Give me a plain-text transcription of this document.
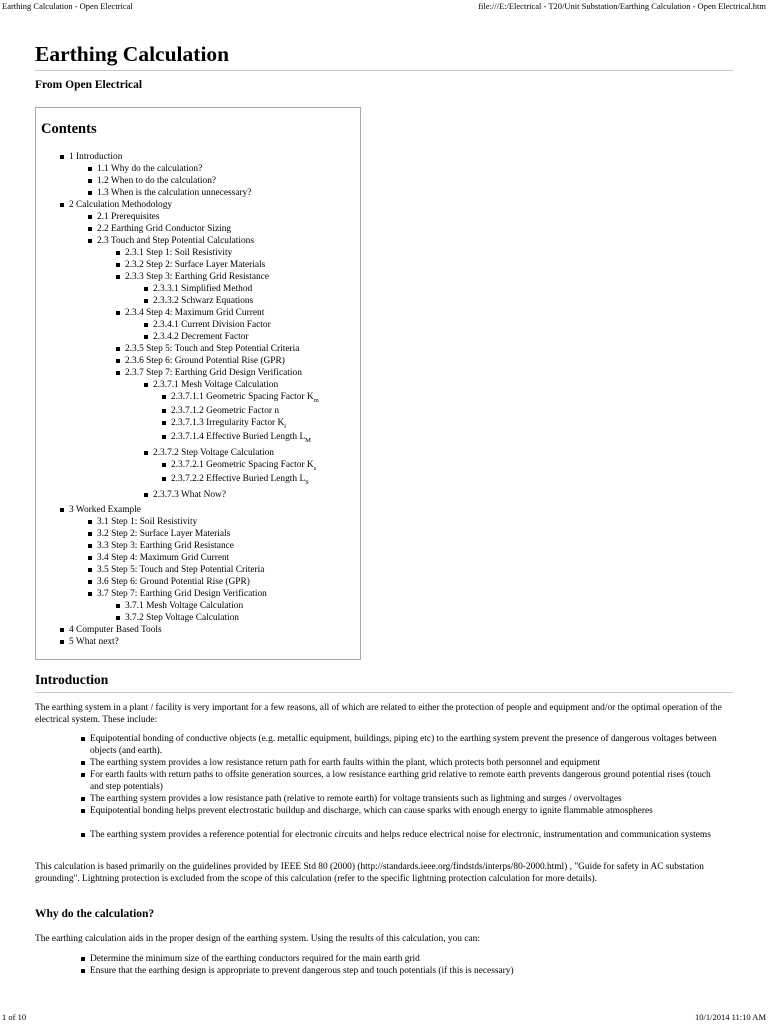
Earthing Calculation - Open Electrical	file:///E:/Electrical - T20/Unit Substation/Earthing Calculation - Open Electrical.htm
Earthing Calculation
From Open Electrical
Contents
1 Introduction
1.1 Why do the calculation?
1.2 When to do the calculation?
1.3 When is the calculation unnecessary?
2 Calculation Methodology
2.1 Prerequisites
2.2 Earthing Grid Conductor Sizing
2.3 Touch and Step Potential Calculations
2.3.1 Step 1: Soil Resistivity
2.3.2 Step 2: Surface Layer Materials
2.3.3 Step 3: Earthing Grid Resistance
2.3.3.1 Simplified Method
2.3.3.2 Schwarz Equations
2.3.4 Step 4: Maximum Grid Current
2.3.4.1 Current Division Factor
2.3.4.2 Decrement Factor
2.3.5 Step 5: Touch and Step Potential Criteria
2.3.6 Step 6: Ground Potential Rise (GPR)
2.3.7 Step 7: Earthing Grid Design Verification
2.3.7.1 Mesh Voltage Calculation
2.3.7.1.1 Geometric Spacing Factor $K_m$
2.3.7.1.2 Geometric Factor n
2.3.7.1.3 Irregularity Factor $K_i$
2.3.7.1.4 Effective Buried Length $L_M$
2.3.7.2 Step Voltage Calculation
2.3.7.2.1 Geometric Spacing Factor $K_s$
2.3.7.2.2 Effective Buried Length $L_S$
2.3.7.3 What Now?
3 Worked Example
3.1 Step 1: Soil Resistivity
3.2 Step 2: Surface Layer Materials
3.3 Step 3: Earthing Grid Resistance
3.4 Step 4: Maximum Grid Current
3.5 Step 5: Touch and Step Potential Criteria
3.6 Step 6: Ground Potential Rise (GPR)
3.7 Step 7: Earthing Grid Design Verification
3.7.1 Mesh Voltage Calculation
3.7.2 Step Voltage Calculation
4 Computer Based Tools
5 What next?
Introduction

The earthing system in a plant / facility is very important for a few reasons, all of which are related to either the protection of people and equipment and/or the optimal operation of the electrical system. These include:

Equipotential bonding of conductive objects (e.g. metallic equipment, buildings, piping etc) to the earthing system prevent the presence of dangerous voltages between objects (and earth).
The earthing system provides a low resistance return path for earth faults within the plant, which protects both personnel and equipment
For earth faults with return paths to offsite generation sources, a low resistance earthing grid relative to remote earth prevents dangerous ground potential rises (touch and step potentials)
The earthing system provides a low resistance path (relative to remote earth) for voltage transients such as lightning and surges / overvoltages
Equipotential bonding helps prevent electrostatic buildup and discharge, which can cause sparks with enough energy to ignite flammable atmospheres
The earthing system provides a reference potential for electronic circuits and helps reduce electrical noise for electronic, instrumentation and communication systems

This calculation is based primarily on the guidelines provided by IEEE Std 80 (2000) (http://standards.ieee.org/findstds/interps/80-2000.html) , "Guide for safety in AC substation grounding". Lightning protection is excluded from the scope of this calculation (refer to the specific lightning protection calculation for more details).

Why do the calculation?

The earthing calculation aids in the proper design of the earthing system. Using the results of this calculation, you can:

Determine the minimum size of the earthing conductors required for the main earth grid
Ensure that the earthing design is appropriate to prevent dangerous step and touch potentials (if this is necessary)
1 of 10	10/1/2014 11:10 AM
